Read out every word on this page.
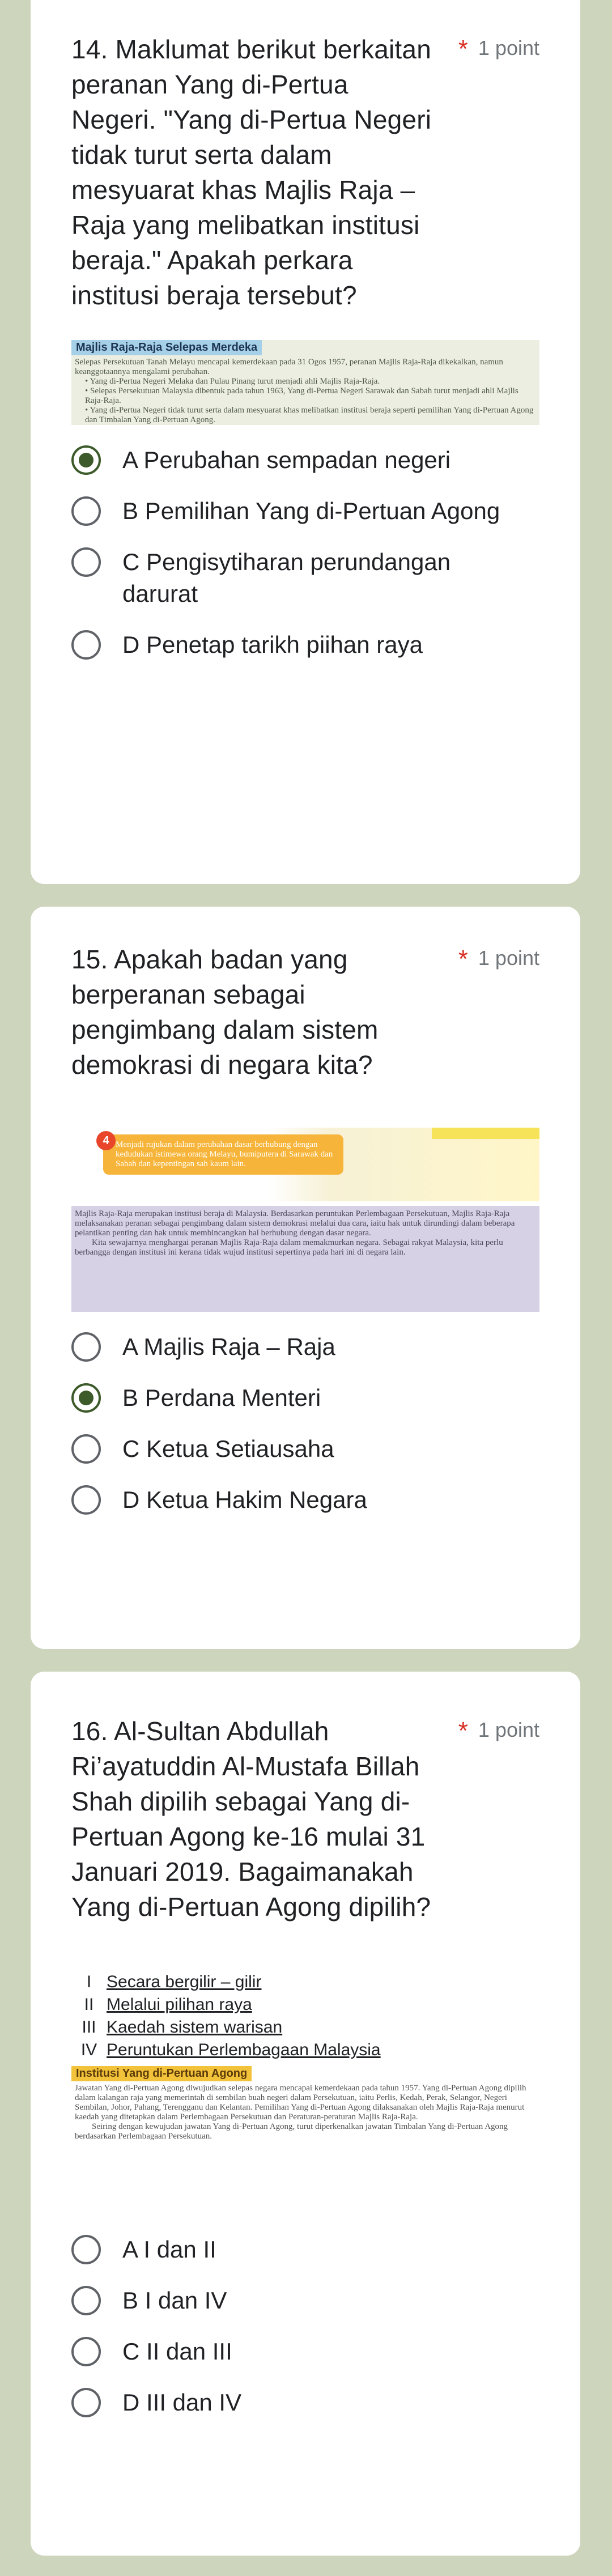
14. Maklumat berikut berkaitan peranan Yang di-Pertua Negeri. "Yang di-Pertua Negeri tidak turut serta dalam mesyuarat khas Majlis Raja – Raja yang melibatkan institusi beraja." Apakah perkara institusi beraja tersebut?
* 1 point
Majlis Raja-Raja Selepas Merdeka
Selepas Persekutuan Tanah Melayu mencapai kemerdekaan pada 31 Ogos 1957, peranan Majlis Raja-Raja dikekalkan, namun keanggotaannya mengalami perubahan.
• Yang di-Pertua Negeri Melaka dan Pulau Pinang turut menjadi ahli Majlis Raja-Raja.
• Selepas Persekutuan Malaysia dibentuk pada tahun 1963, Yang di-Pertua Negeri Sarawak dan Sabah turut menjadi ahli Majlis Raja-Raja.
• Yang di-Pertua Negeri tidak turut serta dalam mesyuarat khas melibatkan institusi beraja seperti pemilihan Yang di-Pertuan Agong dan Timbalan Yang di-Pertuan Agong.
A Perubahan sempadan negeri
B Pemilihan Yang di-Pertuan Agong
C Pengisytiharan perundangan darurat
D Penetap tarikh piihan raya
15. Apakah badan yang berperanan sebagai pengimbang dalam sistem demokrasi di negara kita?
* 1 point
4 Menjadi rujukan dalam perubahan dasar berhubung dengan kedudukan istimewa orang Melayu, bumiputera di Sarawak dan Sabah dan kepentingan sah kaum lain.
Majlis Raja-Raja merupakan institusi beraja di Malaysia. Berdasarkan peruntukan Perlembagaan Persekutuan, Majlis Raja-Raja melaksanakan peranan sebagai pengimbang dalam sistem demokrasi melalui dua cara, iaitu hak untuk dirundingi dalam beberapa pelantikan penting dan hak untuk membincangkan hal berhubung dengan dasar negara.
Kita sewajarnya menghargai peranan Majlis Raja-Raja dalam memakmurkan negara. Sebagai rakyat Malaysia, kita perlu berbangga dengan institusi ini kerana tidak wujud institusi sepertinya pada hari ini di negara lain.
A Majlis Raja – Raja
B Perdana Menteri
C Ketua Setiausaha
D Ketua Hakim Negara
16. Al-Sultan Abdullah Ri’ayatuddin Al-Mustafa Billah Shah dipilih sebagai Yang di-Pertuan Agong ke-16 mulai 31 Januari 2019. Bagaimanakah Yang di-Pertuan Agong dipilih?
* 1 point
I Secara bergilir – gilir
II Melalui pilihan raya
III Kaedah sistem warisan
IV Peruntukan Perlembagaan Malaysia
Institusi Yang di-Pertuan Agong
Jawatan Yang di-Pertuan Agong diwujudkan selepas negara mencapai kemerdekaan pada tahun 1957. Yang di-Pertuan Agong dipilih dalam kalangan raja yang memerintah di sembilan buah negeri dalam Persekutuan, iaitu Perlis, Kedah, Perak, Selangor, Negeri Sembilan, Johor, Pahang, Terengganu dan Kelantan. Pemilihan Yang di-Pertuan Agong dilaksanakan oleh Majlis Raja-Raja menurut kaedah yang ditetapkan dalam Perlembagaan Persekutuan dan Peraturan-peraturan Majlis Raja-Raja.
Seiring dengan kewujudan jawatan Yang di-Pertuan Agong, turut diperkenalkan jawatan Timbalan Yang di-Pertuan Agong berdasarkan Perlembagaan Persekutuan.
A I dan II
B I dan IV
C II dan III
D III dan IV
